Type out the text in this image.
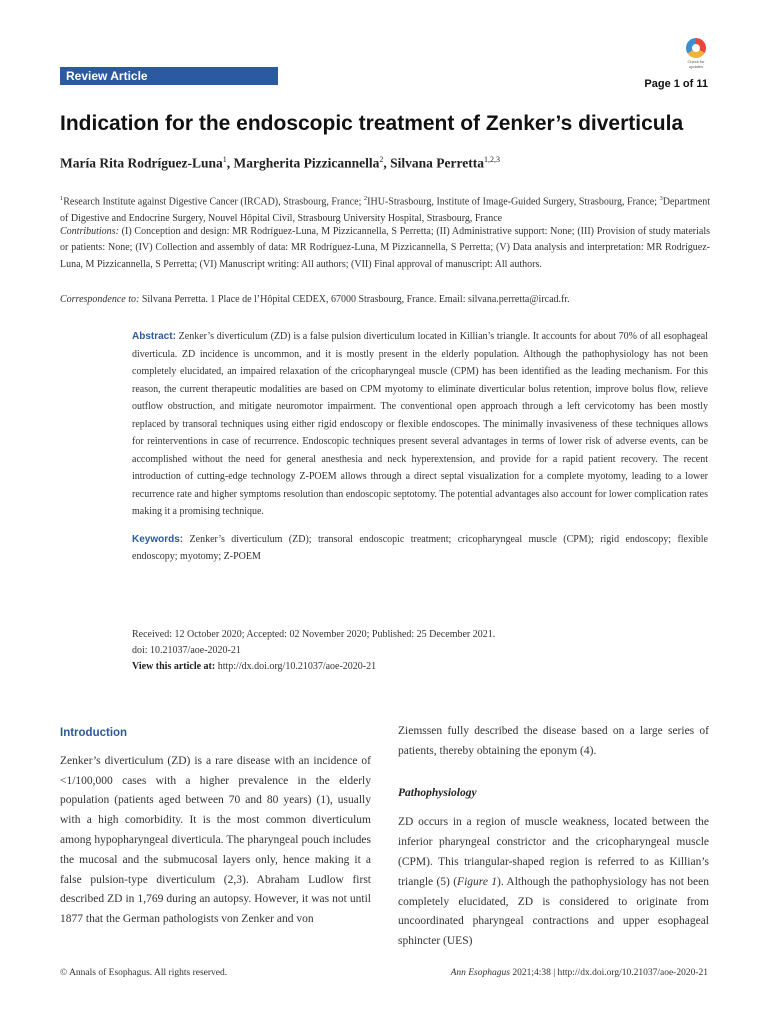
Review Article
Check for updates
Page 1 of 11
Indication for the endoscopic treatment of Zenker’s diverticula
María Rita Rodríguez-Luna$^1$, Margherita Pizzicannella$^2$, Silvana Perretta$^{1,2,3}$
$^1$Research Institute against Digestive Cancer (IRCAD), Strasbourg, France; $^2$IHU-Strasbourg, Institute of Image-Guided Surgery, Strasbourg, France; $^3$Department of Digestive and Endocrine Surgery, Nouvel Hôpital Civil, Strasbourg University Hospital, Strasbourg, France
Contributions: (I) Conception and design: MR Rodríguez-Luna, M Pizzicannella, S Perretta; (II) Administrative support: None; (III) Provision of study materials or patients: None; (IV) Collection and assembly of data: MR Rodríguez-Luna, M Pizzicannella, S Perretta; (V) Data analysis and interpretation: MR Rodríguez-Luna, M Pizzicannella, S Perretta; (VI) Manuscript writing: All authors; (VII) Final approval of manuscript: All authors.
Correspondence to: Silvana Perretta. 1 Place de l’Hôpital CEDEX, 67000 Strasbourg, France. Email: silvana.perretta@ircad.fr.
Abstract: Zenker’s diverticulum (ZD) is a false pulsion diverticulum located in Killian’s triangle. It accounts for about 70% of all esophageal diverticula. ZD incidence is uncommon, and it is mostly present in the elderly population. Although the pathophysiology has not been completely elucidated, an impaired relaxation of the cricopharyngeal muscle (CPM) has been identified as the leading mechanism. For this reason, the current therapeutic modalities are based on CPM myotomy to eliminate diverticular bolus retention, improve bolus flow, relieve outflow obstruction, and mitigate neuromotor impairment. The conventional open approach through a left cervicotomy has been mostly replaced by transoral techniques using either rigid endoscopy or flexible endoscopes. The minimally invasiveness of these techniques allows for reinterventions in case of recurrence. Endoscopic techniques present several advantages in terms of lower risk of adverse events, can be accomplished without the need for general anesthesia and neck hyperextension, and provide for a rapid patient recovery. The recent introduction of cutting-edge technology Z-POEM allows through a direct septal visualization for a complete myotomy, leading to a lower recurrence rate and higher symptoms resolution than endoscopic septotomy. The potential advantages also account for lower complication rates making it a promising technique.
Keywords: Zenker’s diverticulum (ZD); transoral endoscopic treatment; cricopharyngeal muscle (CPM); rigid endoscopy; flexible endoscopy; myotomy; Z-POEM
Received: 12 October 2020; Accepted: 02 November 2020; Published: 25 December 2021.
doi: 10.21037/aoe-2020-21
View this article at: http://dx.doi.org/10.21037/aoe-2020-21
Introduction
Zenker’s diverticulum (ZD) is a rare disease with an incidence of <1/100,000 cases with a higher prevalence in the elderly population (patients aged between 70 and 80 years) (1), usually with a high comorbidity. It is the most common diverticulum among hypopharyngeal diverticula. The pharyngeal pouch includes the mucosal and the submucosal layers only, hence making it a false pulsion-type diverticulum (2,3). Abraham Ludlow first described ZD in 1,769 during an autopsy. However, it was not until 1877 that the German pathologists von Zenker and von
Ziemssen fully described the disease based on a large series of patients, thereby obtaining the eponym (4).
Pathophysiology
ZD occurs in a region of muscle weakness, located between the inferior pharyngeal constrictor and the cricopharyngeal muscle (CPM). This triangular-shaped region is referred to as Killian’s triangle (5) (Figure 1). Although the pathophysiology has not been completely elucidated, ZD is considered to originate from uncoordinated pharyngeal contractions and upper esophageal sphincter (UES)
© Annals of Esophagus. All rights reserved.	Ann Esophagus 2021;4:38 | http://dx.doi.org/10.21037/aoe-2020-21
